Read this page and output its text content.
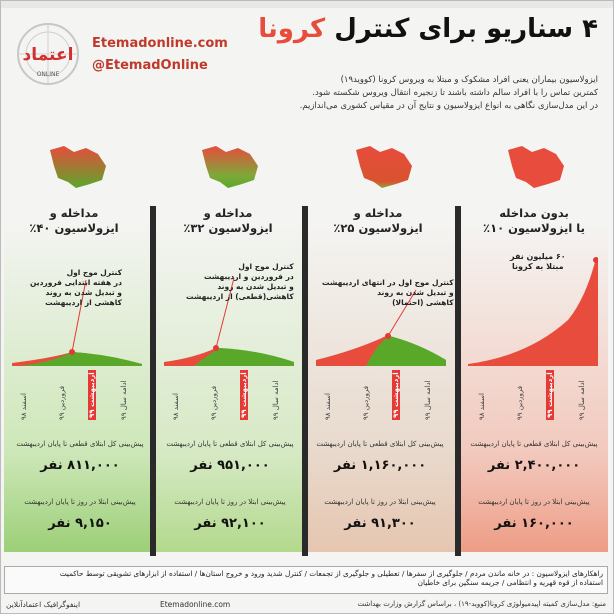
اعتماد
ONLINE
Etemadonline.com
@EtemadOnline
۴ سناریو برای کنترل کرونا
ایزولاسیون بیماران یعنی افراد مشکوک و مبتلا به ویروس کرونا (کووید۱۹)
کمترین تماس را با افراد سالم داشته باشند تا زنجیره انتقال ویروس شکسته شود.
در این مدل‌سازی نگاهی به انواع ایزولاسیون و نتایج آن در مقیاس کشوری می‌اندازیم.
مداخله و
ایزولاسیون ۴۰٪
مداخله و
ایزولاسیون ۳۲٪
مداخله و
ایزولاسیون ۲۵٪
بدون مداخله
یا ایزولاسیون ۱۰٪
کنترل موج اول
در هفته ابتدایی فروردین
و تبدیل شدن به روند
کاهشی از اردیبهشت
کنترل موج اول
در فروردین و اردیبهشت
و تبدیل شدن به روند
کاهشی(قطعی) از اردیبهشت
کنترل موج اول در انتهای اردیبهشت
و تبدیل شدن به روند
کاهشی (احتمالا)
۶۰ میلیون نفر
مبتلا به کرونا
اسفند ۹۸
فروردین ۹۹
اردیبهشت ۹۹
ادامه سال ۹۹
اسفند ۹۸
فروردین ۹۹
اردیبهشت ۹۹
ادامه سال ۹۹
اسفند ۹۸
فروردین ۹۹
اردیبهشت ۹۹
ادامه سال ۹۹
اسفند ۹۸
فروردین ۹۹
اردیبهشت ۹۹
ادامه سال ۹۹
پیش‌بینی کل ابتلای قطعی تا پایان اردیبهشت
۸۱۱,۰۰۰ نفر
پیش‌بینی ابتلا در روز تا پایان اردیبهشت
۹,۱۵۰ نفر
پیش‌بینی کل ابتلای قطعی تا پایان اردیبهشت
۹۵۱,۰۰۰ نفر
پیش‌بینی ابتلا در روز تا پایان اردیبهشت
۹۲,۱۰۰ نفر
پیش‌بینی کل ابتلای قطعی تا پایان اردیبهشت
۱,۱۶۰,۰۰۰ نفر
پیش‌بینی ابتلا در روز تا پایان اردیبهشت
۹۱,۳۰۰ نفر
پیش‌بینی کل ابتلای قطعی تا پایان اردیبهشت
۲,۴۰۰,۰۰۰ نفر
پیش‌بینی ابتلا در روز تا پایان اردیبهشت
۱۶۰,۰۰۰ نفر
راهکارهای ایزولاسیون : در خانه ماندن مردم / جلوگیری از سفرها / تعطیلی و جلوگیری از تجمعات / کنترل شدید ورود و خروج استان‌ها / استفاده از ابزارهای تشویقی توسط حاکمیت
استفاده از قوه قهریه و انتظامی / جریمه سنگین برای خاطیان
اینفوگرافیک اعتمادآنلاین	Etemadonline.com	منبع: مدل‌سازی کمیته اپیدمیولوژی کرونا(کووید-۱۹) ، براساس گزارش وزارت بهداشت
